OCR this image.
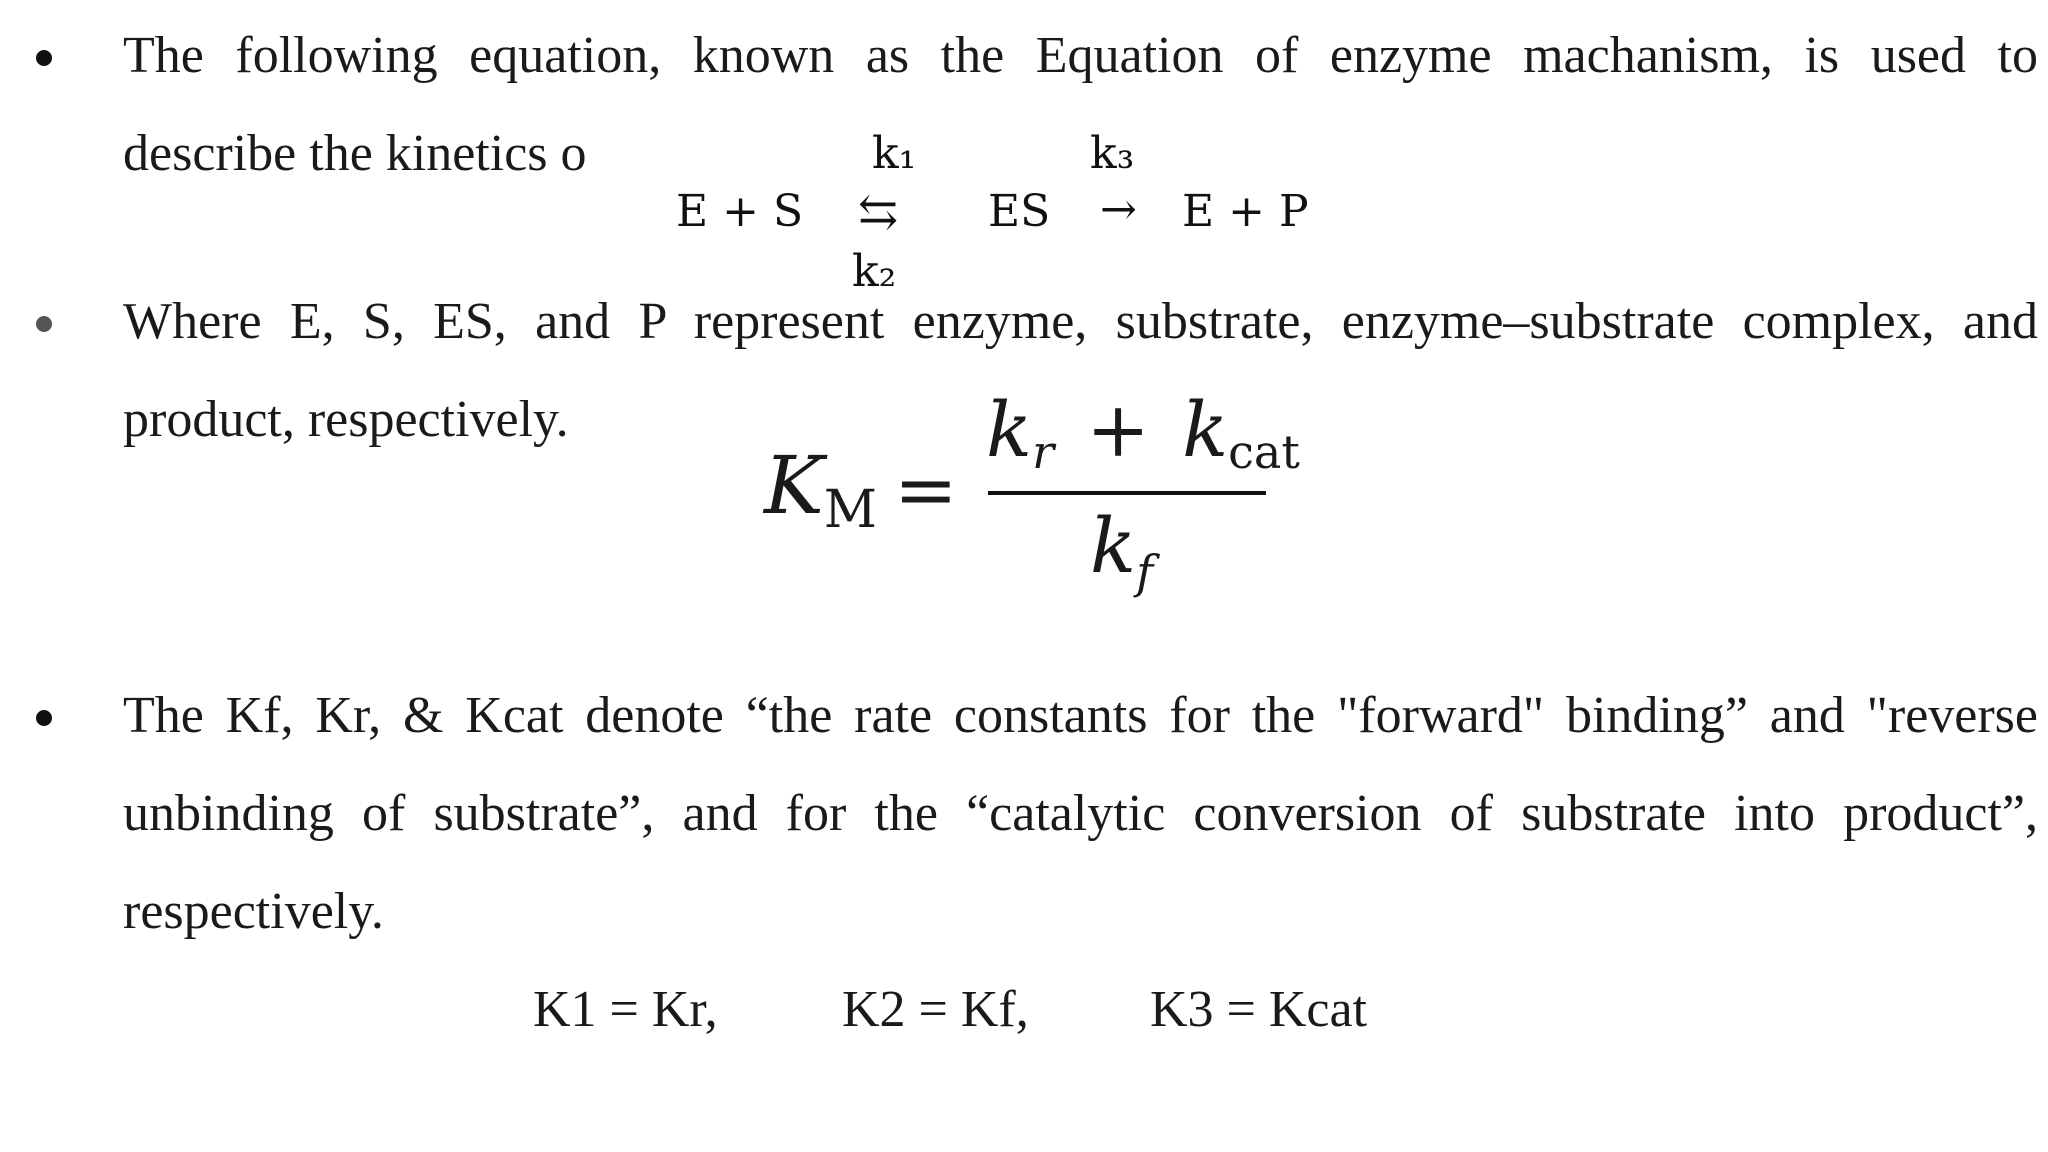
The following equation, known as the Equation of enzyme machanism, is used to
describe the kinetics o	k₁	k₃
E + S ⇆ ES → E + P
k₂
Where E, S, ES, and P represent enzyme, substrate, enzyme–substrate complex, and
product, respectively.
KM =
kr + kcat
$k_f$
The Kf, Kr, & Kcat denote “the rate constants for the "forward" binding” and "reverse
unbinding of substrate”, and for the “catalytic conversion of substrate into product”,
respectively.
K1 = Kr, K2 = Kf, K3 = Kcat
